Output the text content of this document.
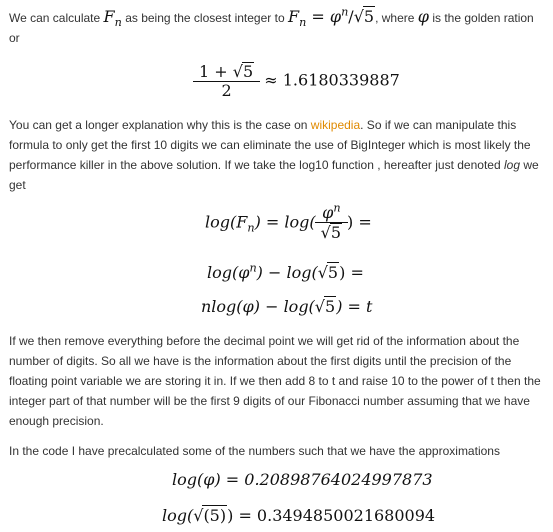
We can calculate $F_n$ as being the closest integer to $F_n = \varphi^n/√5$, where φ is the golden ration
or

$\frac{1 + √5}{2} \approx 1.6180339887$

You can get a longer explanation why this is the case on wikipedia. So if we can manipulate this
formula to only get the first 10 digits we can eliminate the use of BigInteger which is most likely the
performance killer in the above solution. If we take the log10 function , hereafter just denoted log we
get

$\log(F_n) = \log( \frac{\varphi^n}{√5}$ ) =
$\log(\varphi^n) - \log(√5)$ =
nlog(φ) − log(√5) = t

If we then remove everything before the decimal point we will get rid of the information about the
number of digits. So all we have is the information about the first digits until the precision of the
floating point variable we are storing it in. If we then add 8 to t and raise 10 to the power of t then the
integer part of that number will be the first 9 digits of our Fibonacci number assuming that we have
enough precision.

In the code I have precalculated some of the numbers such that we have the approximations

log(φ) = 0.20898764024997873
log(√(5)) = 0.3494850021680094
